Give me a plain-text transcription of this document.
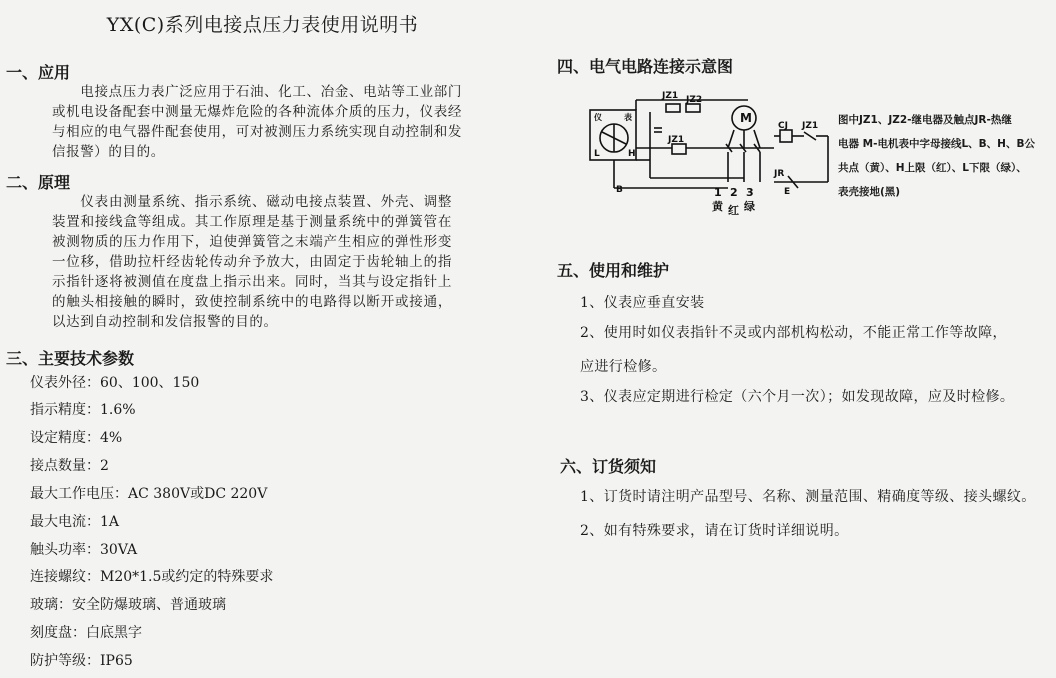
YX(C)系列电接点压力表使用说明书
一、应用

电接点压力表广泛应用于石油、化工、冶金、电站等工业部门或机电设备配套中测量无爆炸危险的各种流体介质的压力，仪表经与相应的电气器件配套使用，可对被测压力系统实现自动控制和发信报警）的目的。

二、原理

仪表由测量系统、指示系统、磁动电接点装置、外壳、调整装置和接线盒等组成。其工作原理是基于测量系统中的弹簧管在被测物质的压力作用下，迫使弹簧管之末端产生相应的弹性形变一位移，借助拉杆经齿轮传动弁予放大，由固定于齿轮轴上的指示指针逐将被测值在度盘上指示出来。同时，当其与设定指针上的触头相接触的瞬时，致使控制系统中的电路得以断开或接通，以达到自动控制和发信报警的目的。

三、主要技术参数
仪表外径：60、100、150
指示精度：1.6%
设定精度：4%
接点数量：2
最大工作电压：AC 380V或DC 220V
最大电流：1A
触头功率：30VA
连接螺纹：M20*1.5或约定的特殊要求
玻璃：安全防爆玻璃、普通玻璃
刻度盘：白底黑字
防护等级：IP65
四、电气电路连接示意图
JZ1 JZ2
M
JZ1
CJ JZ1
JR
E
仪	表
L	H
B	1 2 3
黄 红 绿
图中JZ1、JZ2-继电器及触点JR-热继
电器 M-电机表中字母接线L、B、H、B公
共点（黄）、H上限（红）、L下限（绿）、
表壳接地(黑)
五、使用和维护
1、仪表应垂直安装
2、使用时如仪表指针不灵或内部机构松动，不能正常工作等故障，
应进行检修。
3、仪表应定期进行检定（六个月一次）；如发现故障，应及时检修。
六、订货须知
1、订货时请注明产品型号、名称、测量范围、精确度等级、接头螺纹。
2、如有特殊要求，请在订货时详细说明。
